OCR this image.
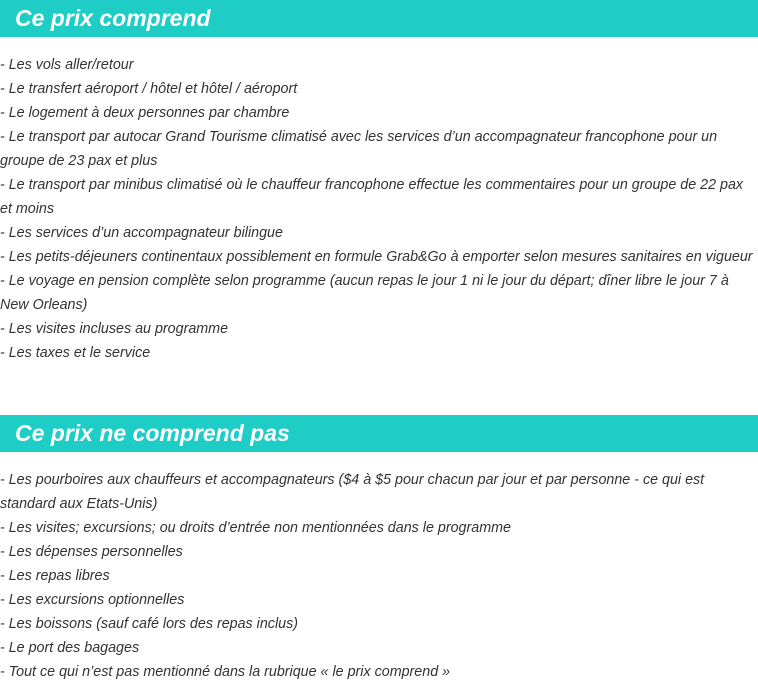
Ce prix comprend
- Les vols aller/retour
- Le transfert aéroport / hôtel et hôtel / aéroport
- Le logement à deux personnes par chambre
- Le transport par autocar Grand Tourisme climatisé avec les services d’un accompagnateur francophone pour un groupe de 23 pax et plus
- Le transport par minibus climatisé où le chauffeur francophone effectue les commentaires pour un groupe de 22 pax et moins
- Les services d’un accompagnateur bilingue
- Les petits-déjeuners continentaux possiblement en formule Grab&Go à emporter selon mesures sanitaires en vigueur
- Le voyage en pension complète selon programme (aucun repas le jour 1 ni le jour du départ; dîner libre le jour 7 à New Orleans)
- Les visites incluses au programme
- Les taxes et le service
Ce prix ne comprend pas
- Les pourboires aux chauffeurs et accompagnateurs ($4 à $5 pour chacun par jour et par personne - ce qui est standard aux Etats-Unis)
- Les visites; excursions; ou droits d’entrée non mentionnées dans le programme
- Les dépenses personnelles
- Les repas libres
- Les excursions optionnelles
- Les boissons (sauf café lors des repas inclus)
- Le port des bagages
- Tout ce qui n’est pas mentionné dans la rubrique « le prix comprend »
